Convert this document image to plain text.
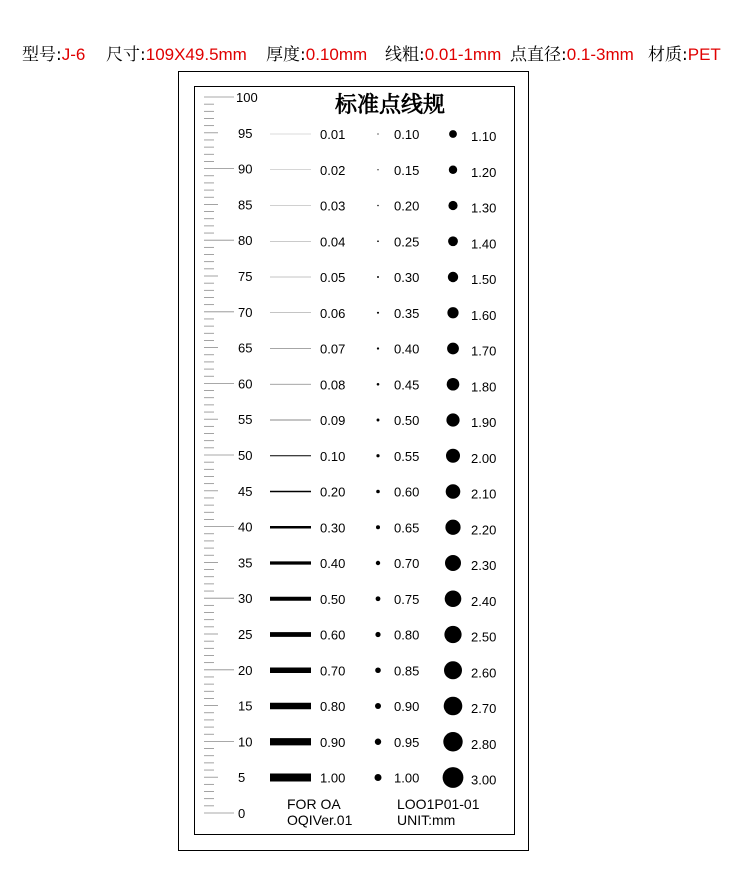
型号:J-6 尺寸:109X49.5mm 厚度:0.10mm 线粗:0.01-1mm 点直径:0.1-3mm 材质:PET
100
95
90
85
80
75
70
65
60
55
50
45
40
35
30
25
20
15
10
5
0
0.01	0.10	1.10
0.02	0.15	1.20
0.03	0.20	1.30
0.04	0.25	1.40
0.05	0.30	1.50
0.06	0.35	1.60
0.07	0.40	1.70
0.08	0.45	1.80
0.09	0.50	1.90
0.10	0.55	2.00
0.20	0.60	2.10
0.30	0.65	2.20
0.40	0.70	2.30
0.50	0.75	2.40
0.60	0.80	2.50
0.70	0.85	2.60
0.80	0.90	2.70
0.90	0.95	2.80
1.00	1.00	3.00
标准点线规
FOR OA
OQIVer.01
LOO1P01-01
UNIT:mm
